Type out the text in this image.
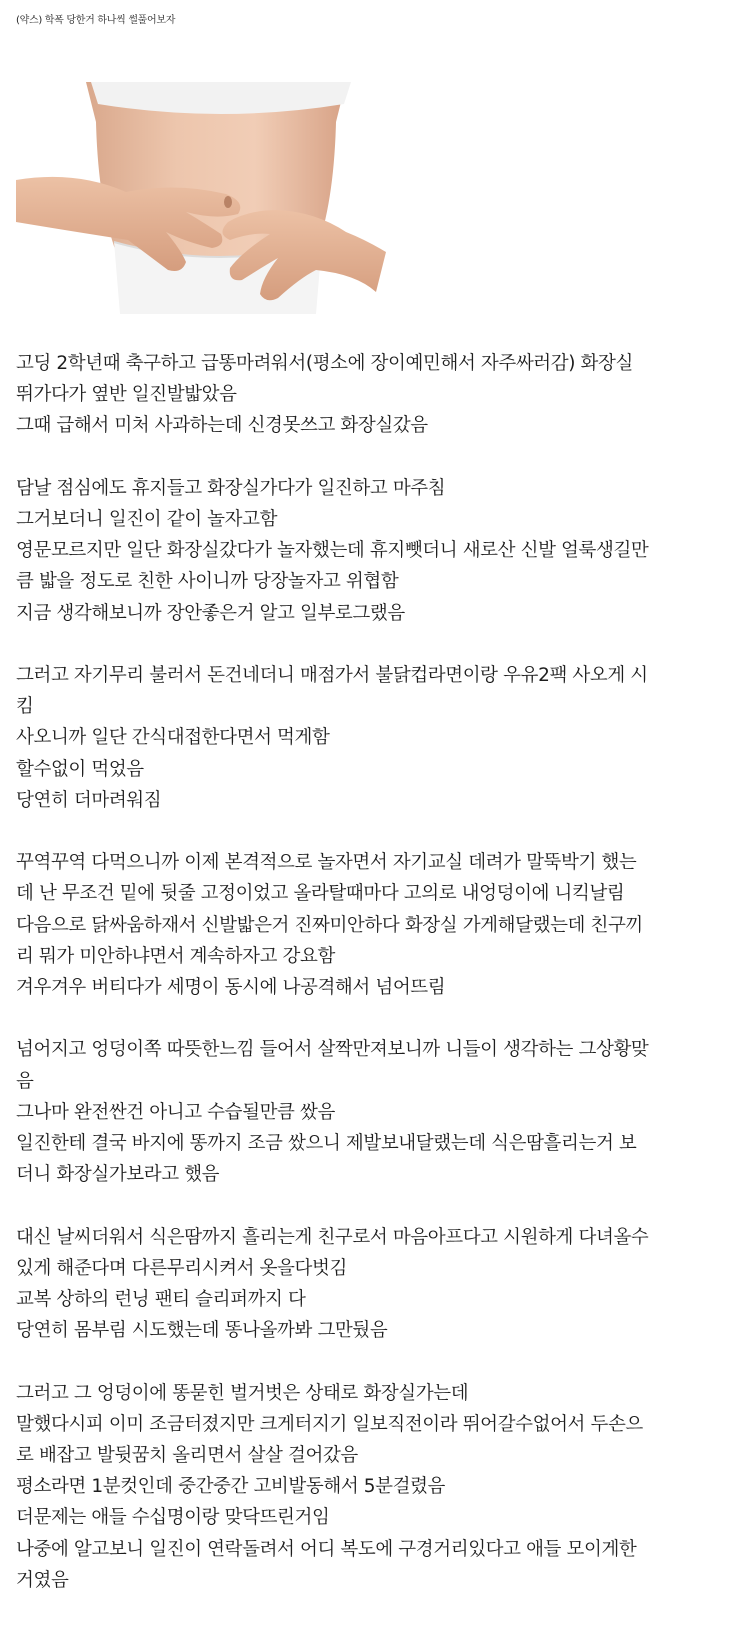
(약스) 학폭 당한거 하나씩 썰풀어보자
고딩 2학년때 축구하고 급똥마려워서(평소에 장이예민해서 자주싸러감) 화장실
뛰가다가 옆반 일진발밟았음
그때 급해서 미처 사과하는데 신경못쓰고 화장실갔음
담날 점심에도 휴지들고 화장실가다가 일진하고 마주침
그거보더니 일진이 같이 놀자고함
영문모르지만 일단 화장실갔다가 놀자했는데 휴지뺏더니 새로산 신발 얼룩생길만
큼 밟을 정도로 친한 사이니까 당장놀자고 위협함
지금 생각해보니까 장안좋은거 알고 일부로그랬음
그러고 자기무리 불러서 돈건네더니 매점가서 불닭컵라면이랑 우유2팩 사오게 시
킴
사오니까 일단 간식대접한다면서 먹게함
할수없이 먹었음
당연히 더마려워짐
꾸역꾸역 다먹으니까 이제 본격적으로 놀자면서 자기교실 데려가 말뚝박기 했는
데 난 무조건 밑에 뒷줄 고정이었고 올라탈때마다 고의로 내엉덩이에 니킥날림
다음으로 닭싸움하재서 신발밟은거 진짜미안하다 화장실 가게해달랬는데 친구끼
리 뭐가 미안하냐면서 계속하자고 강요함
겨우겨우 버티다가 세명이 동시에 나공격해서 넘어뜨림
넘어지고 엉덩이쪽 따뜻한느낌 들어서 살짝만져보니까 니들이 생각하는 그상황맞
음
그나마 완전싼건 아니고 수습될만큼 쌌음
일진한테 결국 바지에 똥까지 조금 쌌으니 제발보내달랬는데 식은땀흘리는거 보
더니 화장실가보라고 했음
대신 날씨더워서 식은땀까지 흘리는게 친구로서 마음아프다고 시원하게 다녀올수
있게 해준다며 다른무리시켜서 옷을다벗김
교복 상하의 런닝 팬티 슬리퍼까지 다
당연히 몸부림 시도했는데 똥나올까봐 그만뒀음
그러고 그 엉덩이에 똥묻힌 벌거벗은 상태로 화장실가는데
말했다시피 이미 조금터졌지만 크게터지기 일보직전이라 뛰어갈수없어서 두손으
로 배잡고 발뒷꿈치 올리면서 살살 걸어갔음
평소라면 1분컷인데 중간중간 고비발동해서 5분걸렸음
더문제는 애들 수십명이랑 맞닥뜨린거임
나중에 알고보니 일진이 연락돌려서 어디 복도에 구경거리있다고 애들 모이게한
거였음
